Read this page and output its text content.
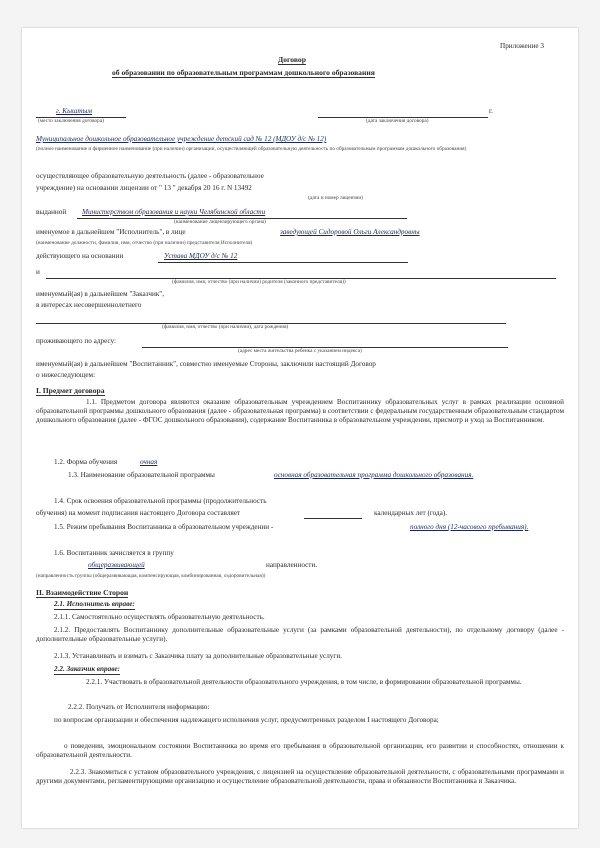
Приложение 3
Договор
об образовании по образовательным программам дошкольного образования
г. Кыштым
(место заключения договора)
г.
(дата заключения договора)
Муниципальное дошкольное образовательное учреждение детский сад № 12 (МДОУ д/с № 12)
(полное наименование и фирменное наименование (при наличии) организации, осуществляющей образовательную деятельность по образовательным программам дошкольного образования)
осуществляющее образовательную деятельность (далее - образовательное
учреждение) на основании лицензии от " 13 " декабря 20 16 г. N 13492
(дата и номер лицензии)
выданной Министерством образования и науки Челябинской области
(наименование лицензирующего органа)
именуемое в дальнейшем "Исполнитель", в лице	заведующей Сидоровой Ольги Александровны
(наименование должности, фамилия, имя, отчество (при наличии) представителя Исполнителя)
действующего на основании	Устава МДОУ д/с № 12
и
(фамилия, имя, отчество (при наличии) родителя (законного представителя))
именуемый(ая) в дальнейшем "Заказчик",
в интересах несовершеннолетнего
(фамилия, имя, отчество (при наличии), дата рождения)
проживающего по адресу:
(адрес места жительства ребенка с указанием индекса)
именуемый(ая) в дальнейшем "Воспитанник", совместно именуемые Стороны, заключили настоящий Договор
о нижеследующем:
I. Предмет договора
1.1. Предметом договора являются оказание образовательным учреждением Воспитаннику образовательных услуг в рамках реализации основной образовательной программы дошкольного образования (далее - образовательная программа) в соответствии с федеральным государственным образовательным стандартом дошкольного образования (далее - ФГОС дошкольного образования), содержание Воспитанника в образовательном учреждении, присмотр и уход за Воспитанником.
1.2. Форма обучения	очная
1.3. Наименование образовательной программы	основная образовательная программа дошкольного образования.
1.4. Срок освоения образовательной программы (продолжительность
обучения) на момент подписания настоящего Договора составляет	календарных лет (года).
1.5. Режим пребывания Воспитанника в образовательном учреждении -	полного дня (12-часового пребывания).
1.6. Воспитанник зачисляется в группу
общеразвивающей	направленности.
(направленность группы (общеразвивающая, компенсирующая, комбинированная, оздоровительная))
II. Взаимодействие Сторон
2.1. Исполнитель вправе:
2.1.1. Самостоятельно осуществлять образовательную деятельность.
2.1.2. Предоставлять Воспитаннику дополнительные образовательные услуги (за рамками образовательной деятельности), по отдельному договору (далее - дополнительные образовательные услуги).
2.1.3. Устанавливать и взимать с Заказчика плату за дополнительные образовательные услуги.
2.2. Заказчик вправе:
2.2.1. Участвовать в образовательной деятельности образовательного учреждения, в том числе, в формировании образовательной программы.
2.2.2. Получать от Исполнителя информацию:
по вопросам организации и обеспечения надлежащего исполнения услуг, предусмотренных разделом I настоящего Договора;
о поведении, эмоциональном состоянии Воспитанника во время его пребывания в образовательной организации, его развитии и способностях, отношении к образовательной деятельности.
2.2.3. Знакомиться с уставом образовательного учреждения, с лицензией на осуществление образовательной деятельности, с образовательными программами и другими документами, регламентирующими организацию и осуществление образовательной деятельности, права и обязанности Воспитанника и Заказчика.
